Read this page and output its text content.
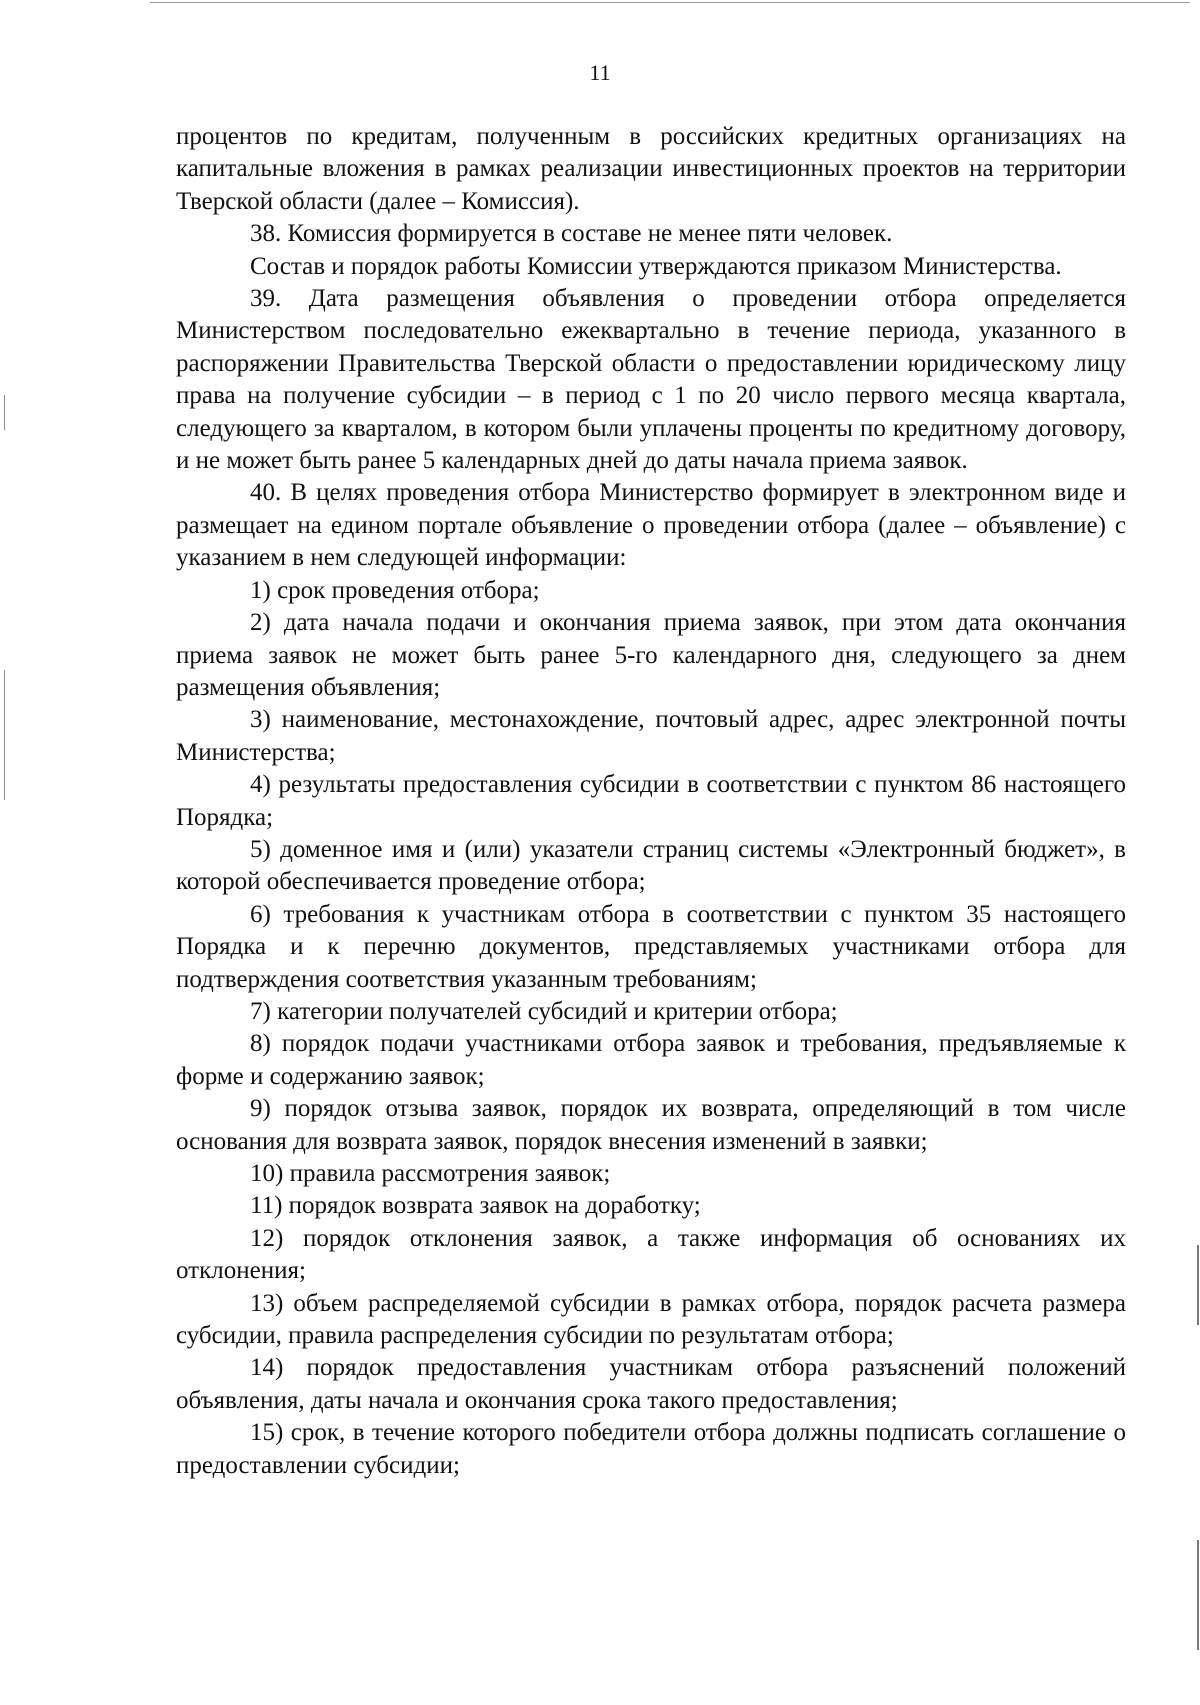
11

процентов по кредитам, полученным в российских кредитных организациях на капитальные вложения в рамках реализации инвестиционных проектов на территории Тверской области (далее – Комиссия).

38. Комиссия формируется в составе не менее пяти человек.

Состав и порядок работы Комиссии утверждаются приказом Министерства.

39. Дата размещения объявления о проведении отбора определяется Министерством последовательно ежеквартально в течение периода, указанного в распоряжении Правительства Тверской области о предоставлении юридическому лицу права на получение субсидии – в период с 1 по 20 число первого месяца квартала, следующего за кварталом, в котором были уплачены проценты по кредитному договору, и не может быть ранее 5 календарных дней до даты начала приема заявок.

40. В целях проведения отбора Министерство формирует в электронном виде и размещает на едином портале объявление о проведении отбора (далее – объявление) с указанием в нем следующей информации:

1) срок проведения отбора;

2) дата начала подачи и окончания приема заявок, при этом дата окончания приема заявок не может быть ранее 5-го календарного дня, следующего за днем размещения объявления;

3) наименование, местонахождение, почтовый адрес, адрес электронной почты Министерства;

4) результаты предоставления субсидии в соответствии с пунктом 86 настоящего Порядка;

5) доменное имя и (или) указатели страниц системы «Электронный бюджет», в которой обеспечивается проведение отбора;

6) требования к участникам отбора в соответствии с пунктом 35 настоящего Порядка и к перечню документов, представляемых участниками отбора для подтверждения соответствия указанным требованиям;

7) категории получателей субсидий и критерии отбора;

8) порядок подачи участниками отбора заявок и требования, предъявляемые к форме и содержанию заявок;

9) порядок отзыва заявок, порядок их возврата, определяющий в том числе основания для возврата заявок, порядок внесения изменений в заявки;

10) правила рассмотрения заявок;

11) порядок возврата заявок на доработку;

12) порядок отклонения заявок, а также информация об основаниях их отклонения;

13) объем распределяемой субсидии в рамках отбора, порядок расчета размера субсидии, правила распределения субсидии по результатам отбора;

14) порядок предоставления участникам отбора разъяснений положений объявления, даты начала и окончания срока такого предоставления;

15) срок, в течение которого победители отбора должны подписать соглашение о предоставлении субсидии;
